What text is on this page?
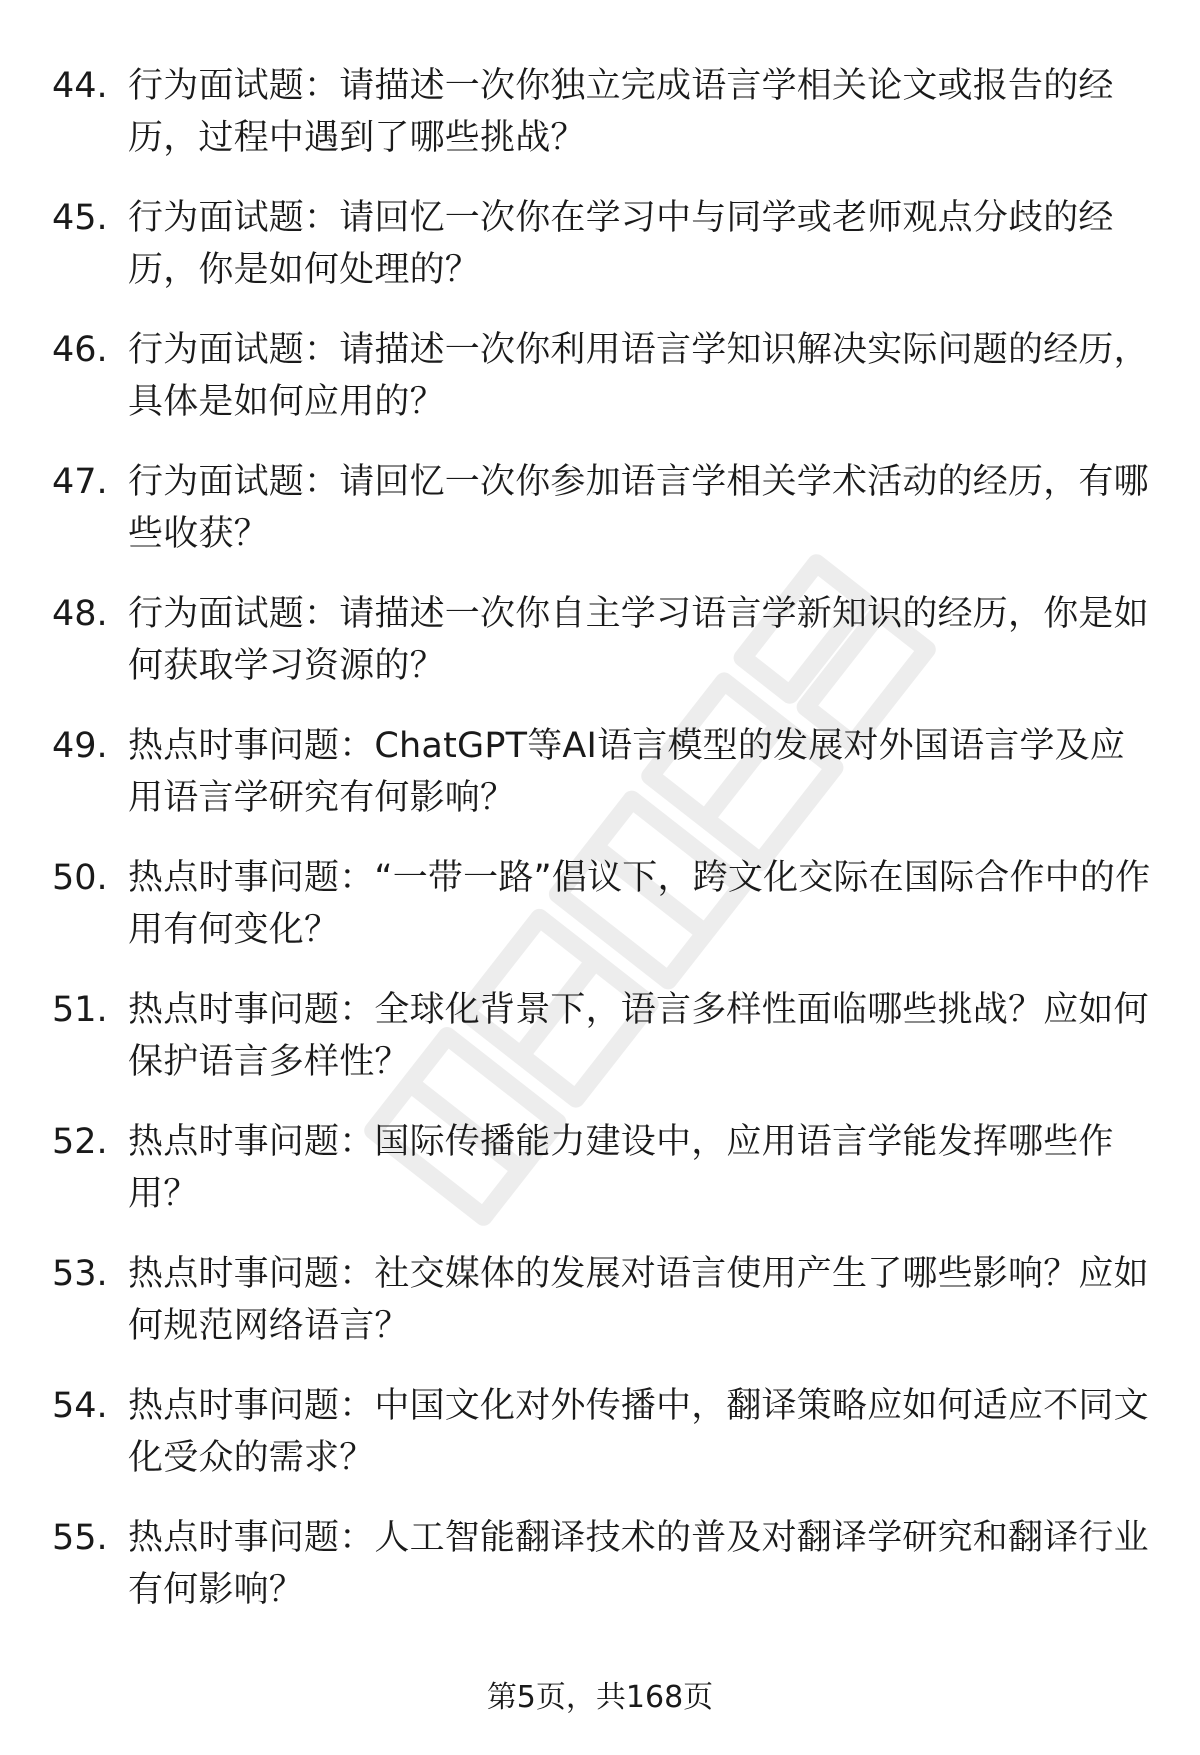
44. 行为面试题：请描述一次你独立完成语言学相关论文或报告的经历，过程中遇到了哪些挑战？
45. 行为面试题：请回忆一次你在学习中与同学或老师观点分歧的经历，你是如何处理的？
46. 行为面试题：请描述一次你利用语言学知识解决实际问题的经历，具体是如何应用的？
47. 行为面试题：请回忆一次你参加语言学相关学术活动的经历，有哪些收获？
48. 行为面试题：请描述一次你自主学习语言学新知识的经历，你是如何获取学习资源的？
49. 热点时事问题：ChatGPT等AI语言模型的发展对外国语言学及应用语言学研究有何影响？
50. 热点时事问题：“一带一路”倡议下，跨文化交际在国际合作中的作用有何变化？
51. 热点时事问题：全球化背景下，语言多样性面临哪些挑战？应如何保护语言多样性？
52. 热点时事问题：国际传播能力建设中，应用语言学能发挥哪些作用？
53. 热点时事问题：社交媒体的发展对语言使用产生了哪些影响？应如何规范网络语言？
54. 热点时事问题：中国文化对外传播中，翻译策略应如何适应不同文化受众的需求？
55. 热点时事问题：人工智能翻译技术的普及对翻译学研究和翻译行业有何影响？
第5页，共168页
